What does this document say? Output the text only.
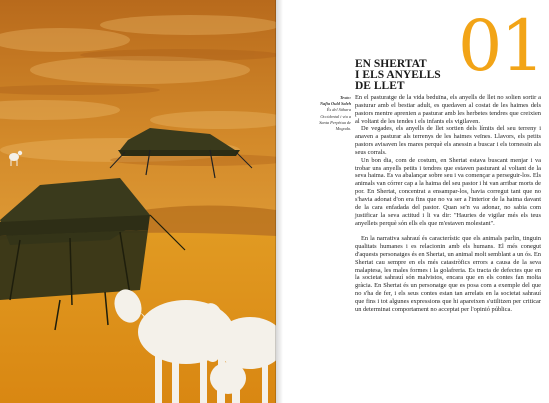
01
EN SHERTAT
I ELS ANYELLS
DE LLET
Texto:
Nafia Ould Saleh
Ès del Sàhara
Occidental i viu a
Santa Perpètua de
Mogoda.

En el pasturatge de la vida beduïna, els anyells de llet no solien sortir a pasturar amb el bestiar adult, es quedaven al costat de les haimes dels pastors mentre aprenien a pasturar amb les herbetes tendres que creixien al voltant de les tendes i els infants els vigilaven.

De vegades, els anyells de llet sortien dels límits del seu terreny i anaven a pasturar als terrenys de les haimes veïnes. Llavors, els petits pastors avisaven les mares perquè els anessin a buscar i els tornessin als seus corrals.

Un bon dia, com de costum, en Shertat estava buscant menjar i va trobar uns anyells petits i tendres que estaven pasturant al voltant de la seva haima. Es va abalançar sobre seu i va començar a perseguir-los. Els animals van córrer cap a la haima del seu pastor i hi van arribar morts de por. En Shertat, concentrat a ensampar-los, havia corregut tant que no s'havia adonat d'on era fins que no va ser a l'interior de la haima davant de la cara enfadada del pastor. Quan se'n va adonar, no sabia com justificar la seva actitud i li va dir: "Hauries de vigilar més els teus anyellets perquè són ells els que m'estaven molestant".

En la narrativa sahrauí és característic que els animals parlin, tinguin qualitats humanes i es relacionin amb els humans. El més conegut d'aquests personatges és en Shertat, un animal molt semblant a un ós. En Shertat cau sempre en els més catastròfics errors a causa de la seva malaptesa, les males formes i la golafreria. Es tracta de defectes que en la societat sahrauí són malvistos, encara que en els contes fan molta gràcia. En Shertat és un personatge que es posa com a exemple del que no s'ha de fer, i els seus contes estan tan arrelats en la societat sahrauí que fins i tot algunes expressions que hi apareixen s'utilitzen per criticar un determinat comportament no acceptat per l'opinió pública.
